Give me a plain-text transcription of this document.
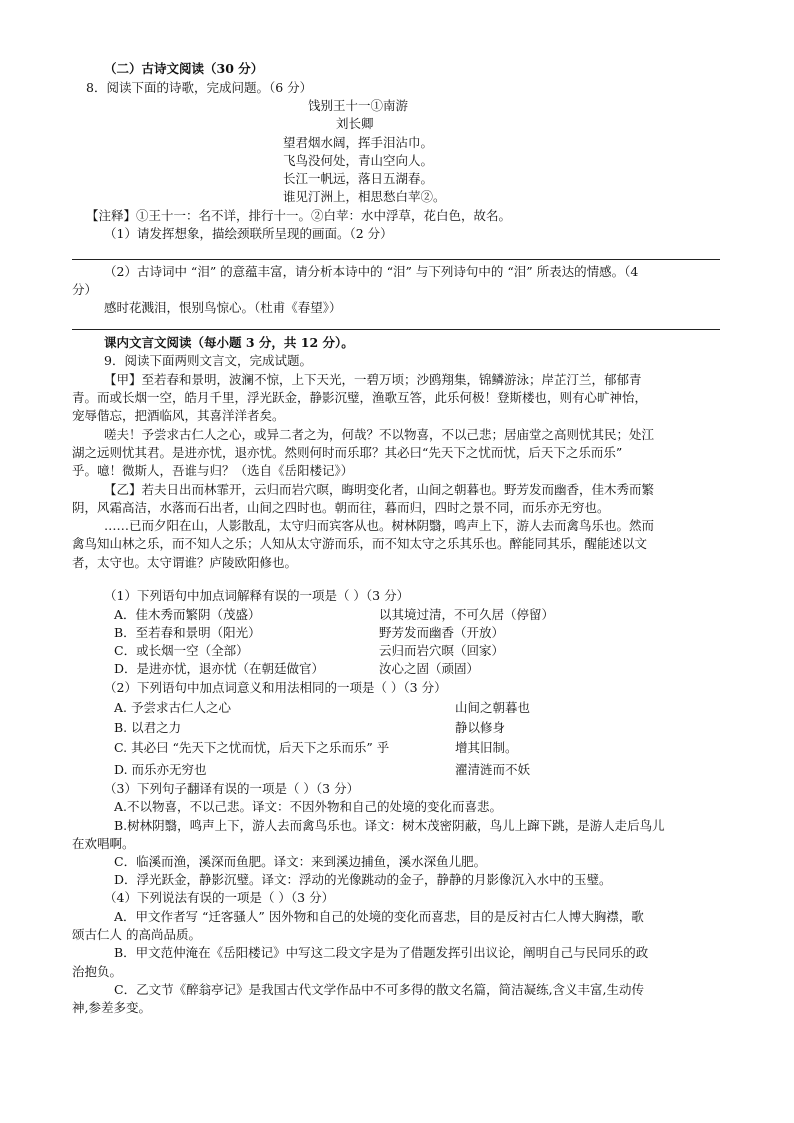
（二）古诗文阅读（30 分）
8．阅读下面的诗歌，完成问题。（6 分）
饯别王十一①南游
刘长卿
望君烟水阔，挥手泪沾巾。
飞鸟没何处，青山空向人。
长江一帆远，落日五湖春。
谁见汀洲上，相思愁白苹②。
【注释】①王十一：名不详，排行十一。②白苹：水中浮草，花白色，故名。
（1）请发挥想象，描绘颈联所呈现的画面。（2 分）
（2）古诗词中 “泪” 的意蕴丰富，请分析本诗中的 “泪” 与下列诗句中的 “泪” 所表达的情感。（4
分）
感时花溅泪，恨别鸟惊心。（杜甫《春望》）
课内文言文阅读（每小题 3 分，共 12 分）。
9．阅读下面两则文言文，完成试题。
【甲】至若春和景明，波澜不惊，上下天光，一碧万顷；沙鸥翔集，锦鳞游泳；岸芷汀兰，郁郁青
青。而或长烟一空，皓月千里，浮光跃金，静影沉璧，渔歌互答，此乐何极！登斯楼也，则有心旷神怡，
宠辱偕忘，把酒临风，其喜洋洋者矣。
嗟夫！予尝求古仁人之心，或异二者之为，何哉？不以物喜，不以己悲；居庙堂之高则忧其民；处江
湖之远则忧其君。是进亦忧，退亦忧。然则何时而乐耶？其必曰“先天下之忧而忧，后天下之乐而乐”
乎。噫！微斯人，吾谁与归？（选自《岳阳楼记》）
【乙】若夫日出而林霏开，云归而岩穴暝，晦明变化者，山间之朝暮也。野芳发而幽香，佳木秀而繁
阴，风霜高洁，水落而石出者，山间之四时也。朝而往，暮而归，四时之景不同，而乐亦无穷也。
……已而夕阳在山，人影散乱，太守归而宾客从也。树林阴翳，鸣声上下，游人去而禽鸟乐也。然而
禽鸟知山林之乐，而不知人之乐；人知从太守游而乐，而不知太守之乐其乐也。醉能同其乐，醒能述以文
者，太守也。太守谓谁？庐陵欧阳修也。
（1）下列语句中加点词解释有误的一项是（ ）（3 分）
A．佳木秀而繁阴（茂盛）	以其境过清，不可久居（停留）
B．至若春和景明（阳光）	野芳发而幽香（开放）
C．或长烟一空（全部）	云归而岩穴暝（回家）
D．是进亦忧，退亦忧（在朝廷做官）	汝心之固（顽固）
（2）下列语句中加点词意义和用法相同的一项是（ ）（3 分）
A. 予尝求古仁人之心	山间之朝暮也
B. 以君之力	静以修身
C. 其必曰 “先天下之忧而忧，后天下之乐而乐” 乎	增其旧制。
D. 而乐亦无穷也	濯清涟而不妖
（3）下列句子翻译有误的一项是（ ）（3 分）
A.不以物喜，不以己悲。译文：不因外物和自己的处境的变化而喜悲。
B.树林阴翳，鸣声上下，游人去而禽鸟乐也。译文：树木茂密阴蔽，鸟儿上蹿下跳，是游人走后鸟儿
在欢唱啊。
C．临溪而渔，溪深而鱼肥。译文：来到溪边捕鱼，溪水深鱼儿肥。
D．浮光跃金，静影沉璧。译文：浮动的光像跳动的金子，静静的月影像沉入水中的玉璧。
（4）下列说法有误的一项是（ ）（3 分）
A．甲文作者写 “迁客骚人” 因外物和自己的处境的变化而喜悲，目的是反衬古仁人博大胸襟，歌
颂古仁人 的高尚品质。
B．甲文范仲淹在《岳阳楼记》中写这二段文字是为了借题发挥引出议论，阐明自己与民同乐的政
治抱负。
C．乙文节《醉翁亭记》是我国古代文学作品中不可多得的散文名篇，简洁凝练,含义丰富,生动传
神,参差多变。
